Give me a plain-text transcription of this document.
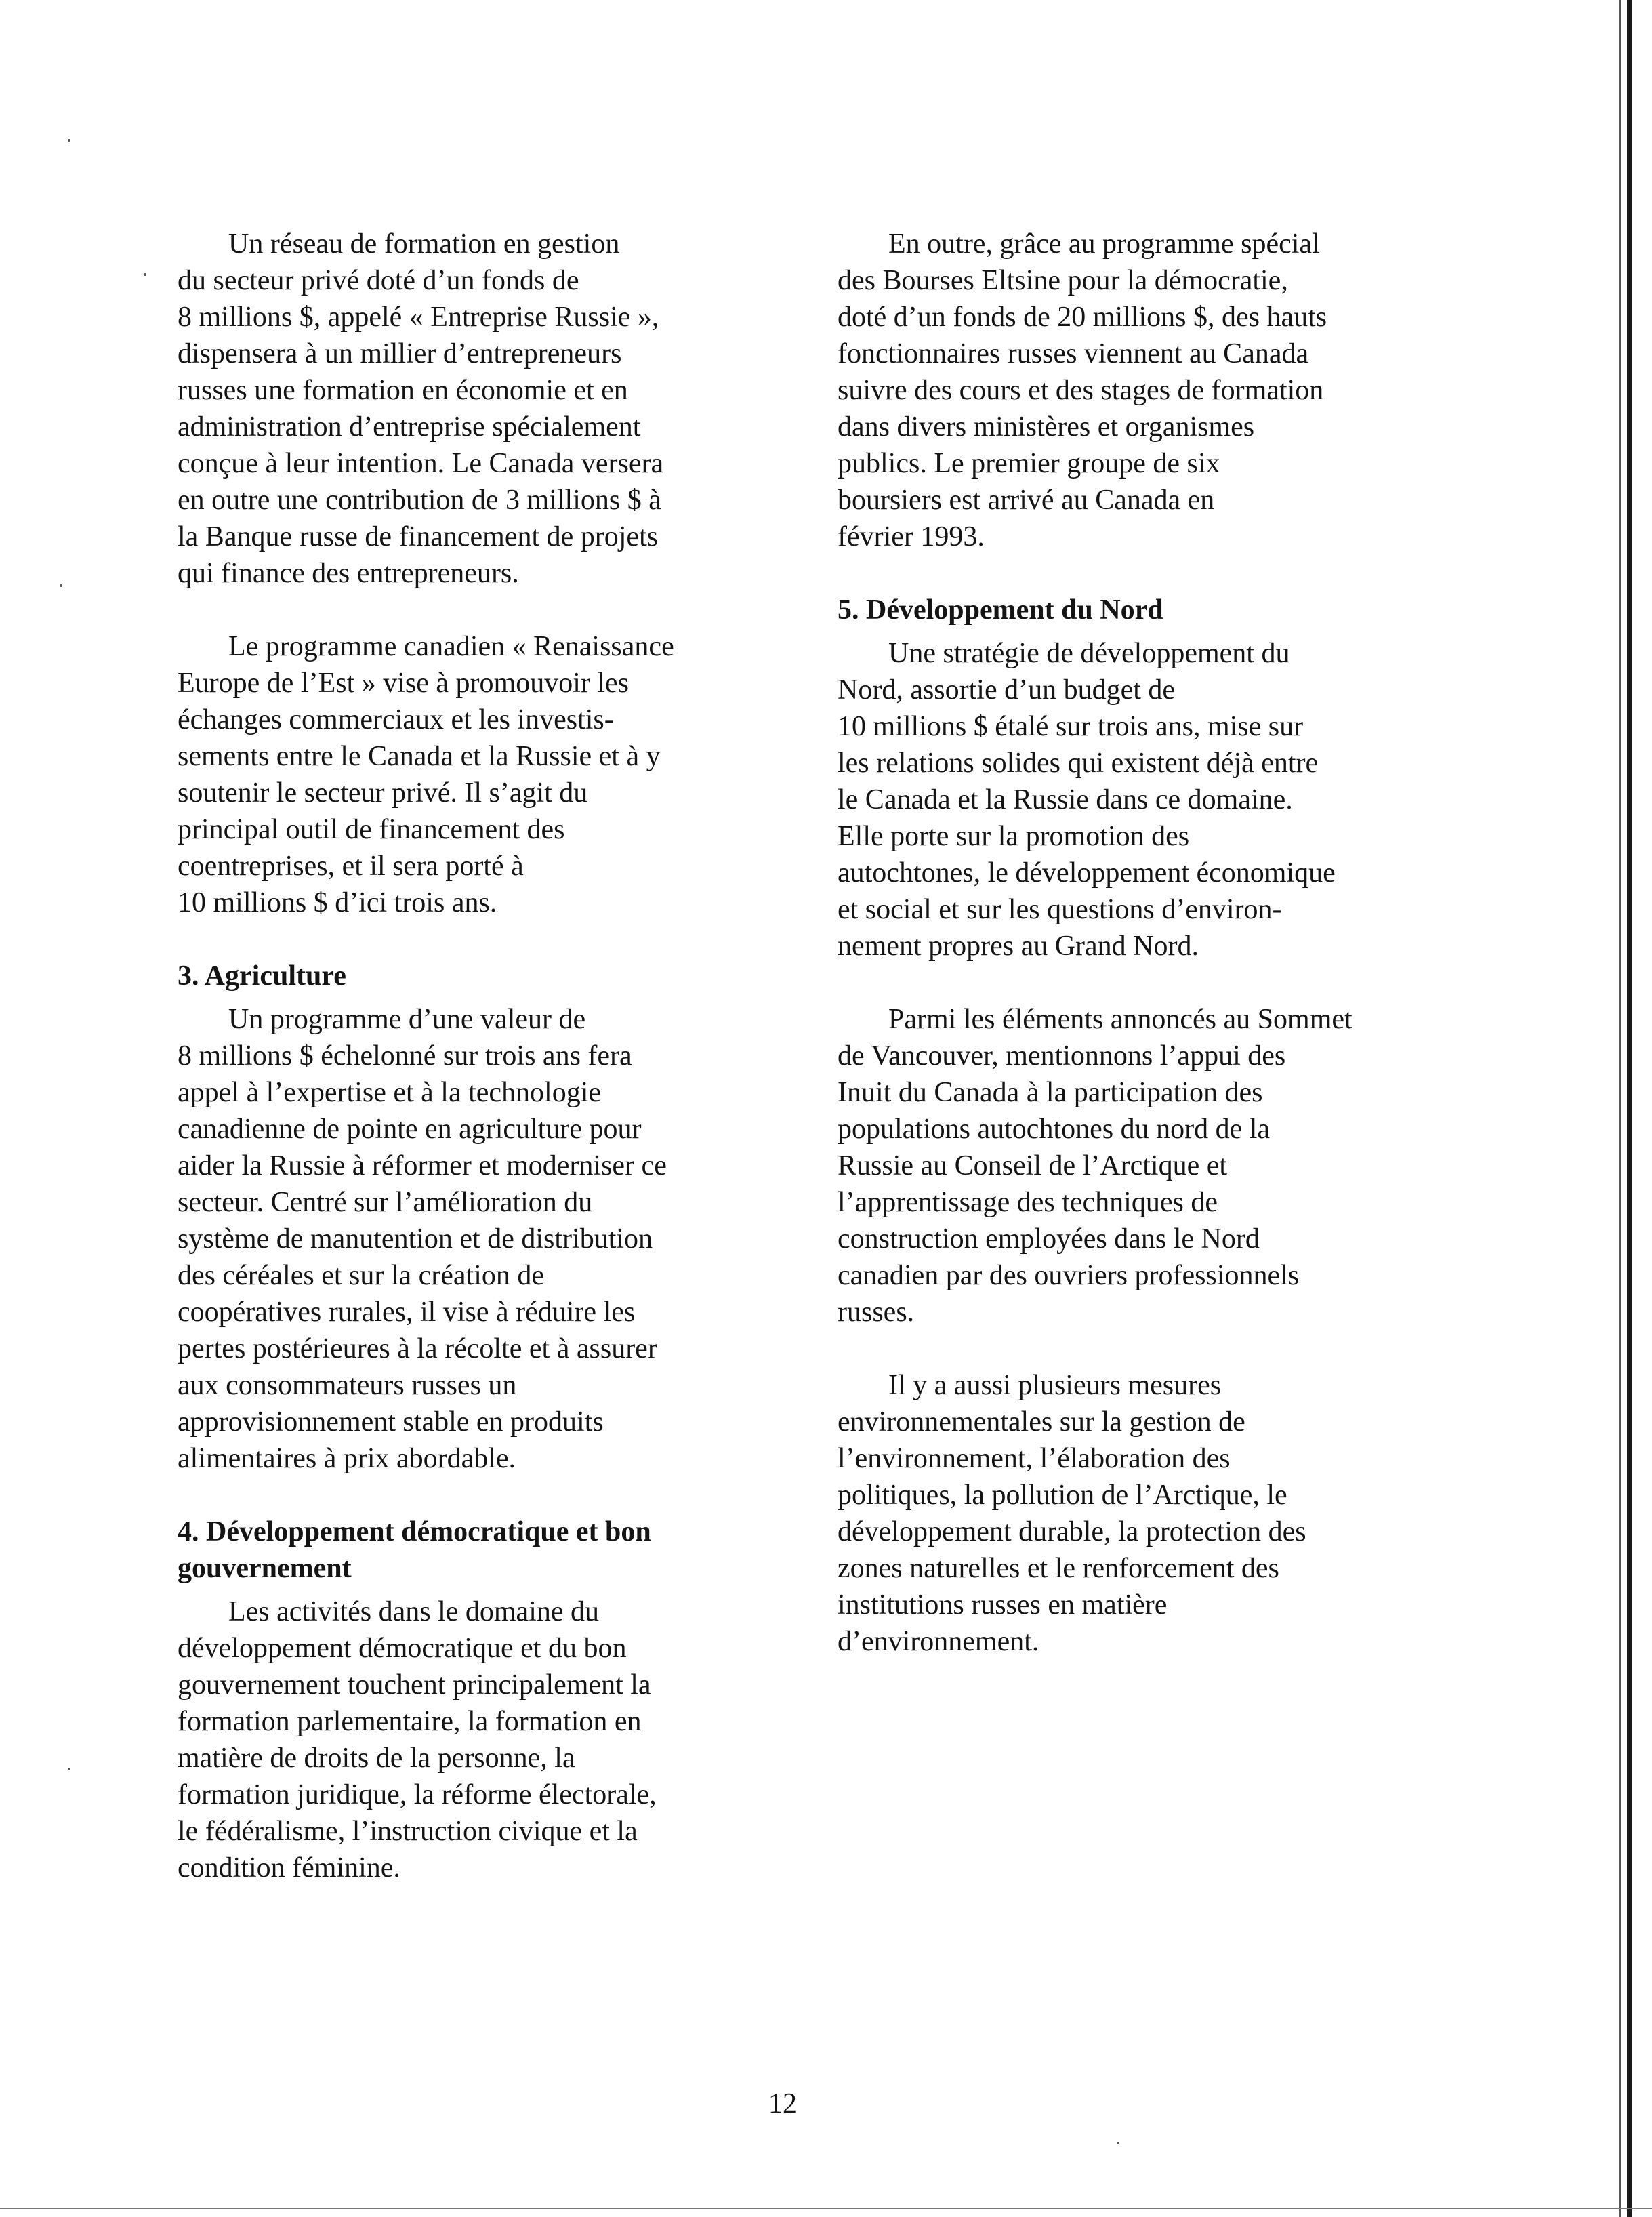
Un réseau de formation en gestion
du secteur privé doté d’un fonds de
8 millions $, appelé « Entreprise Russie »,
dispensera à un millier d’entrepreneurs
russes une formation en économie et en
administration d’entreprise spécialement
conçue à leur intention. Le Canada versera
en outre une contribution de 3 millions $ à
la Banque russe de financement de projets
qui finance des entrepreneurs.
Le programme canadien « Renaissance
Europe de l’Est » vise à promouvoir les
échanges commerciaux et les investis-
sements entre le Canada et la Russie et à y
soutenir le secteur privé. Il s’agit du
principal outil de financement des
coentreprises, et il sera porté à
10 millions $ d’ici trois ans.
3. Agriculture
Un programme d’une valeur de
8 millions $ échelonné sur trois ans fera
appel à l’expertise et à la technologie
canadienne de pointe en agriculture pour
aider la Russie à réformer et moderniser ce
secteur. Centré sur l’amélioration du
système de manutention et de distribution
des céréales et sur la création de
coopératives rurales, il vise à réduire les
pertes postérieures à la récolte et à assurer
aux consommateurs russes un
approvisionnement stable en produits
alimentaires à prix abordable.
4. Développement démocratique et bon
gouvernement
Les activités dans le domaine du
développement démocratique et du bon
gouvernement touchent principalement la
formation parlementaire, la formation en
matière de droits de la personne, la
formation juridique, la réforme électorale,
le fédéralisme, l’instruction civique et la
condition féminine.
En outre, grâce au programme spécial
des Bourses Eltsine pour la démocratie,
doté d’un fonds de 20 millions $, des hauts
fonctionnaires russes viennent au Canada
suivre des cours et des stages de formation
dans divers ministères et organismes
publics. Le premier groupe de six
boursiers est arrivé au Canada en
février 1993.
5. Développement du Nord
Une stratégie de développement du
Nord, assortie d’un budget de
10 millions $ étalé sur trois ans, mise sur
les relations solides qui existent déjà entre
le Canada et la Russie dans ce domaine.
Elle porte sur la promotion des
autochtones, le développement économique
et social et sur les questions d’environ-
nement propres au Grand Nord.
Parmi les éléments annoncés au Sommet
de Vancouver, mentionnons l’appui des
Inuit du Canada à la participation des
populations autochtones du nord de la
Russie au Conseil de l’Arctique et
l’apprentissage des techniques de
construction employées dans le Nord
canadien par des ouvriers professionnels
russes.
Il y a aussi plusieurs mesures
environnementales sur la gestion de
l’environnement, l’élaboration des
politiques, la pollution de l’Arctique, le
développement durable, la protection des
zones naturelles et le renforcement des
institutions russes en matière
d’environnement.
12
